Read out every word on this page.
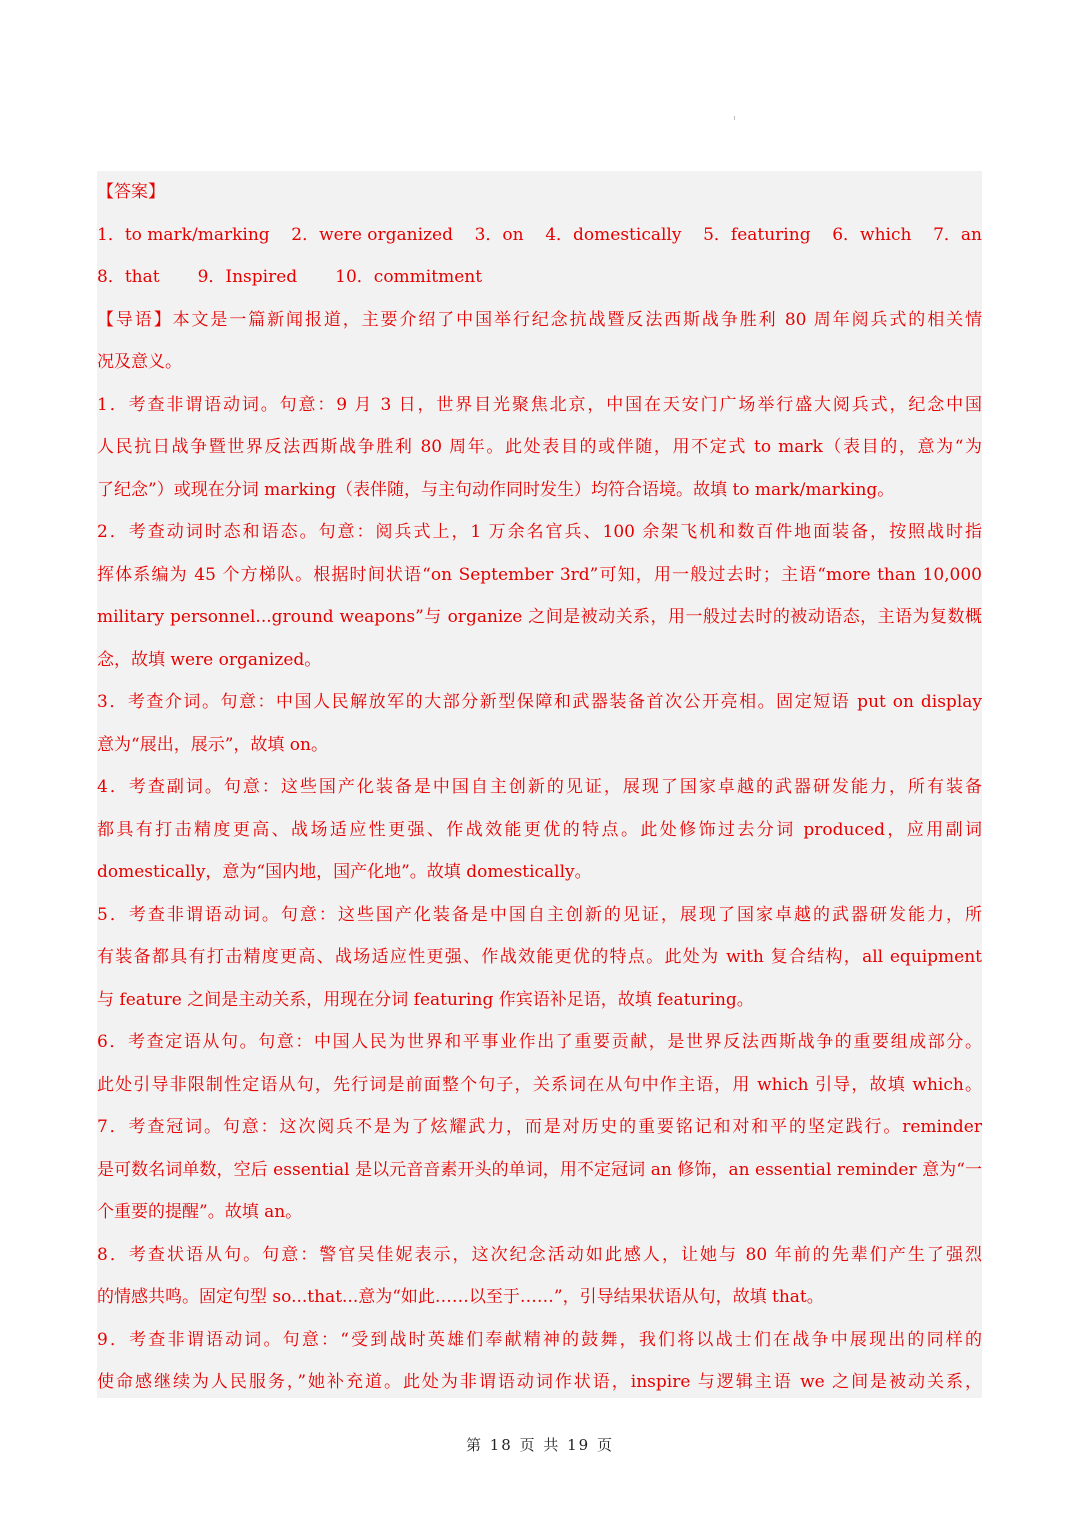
【答案】
1．to mark/marking 2．were organized 3．on 4．domestically 5．featuring 6．which 7．an
8．that 9．Inspired 10．commitment
【导语】本文是一篇新闻报道，主要介绍了中国举行纪念抗战暨反法西斯战争胜利 80 周年阅兵式的相关情
况及意义。
1．考查非谓语动词。句意：9 月 3 日，世界目光聚焦北京，中国在天安门广场举行盛大阅兵式，纪念中国
人民抗日战争暨世界反法西斯战争胜利 80 周年。此处表目的或伴随，用不定式 to mark（表目的，意为“为
了纪念”）或现在分词 marking（表伴随，与主句动作同时发生）均符合语境。故填 to mark/marking。
2．考查动词时态和语态。句意：阅兵式上，1 万余名官兵、100 余架飞机和数百件地面装备，按照战时指
挥体系编为 45 个方梯队。根据时间状语“on September 3rd”可知，用一般过去时；主语“more than 10,000
military personnel...ground weapons”与 organize 之间是被动关系，用一般过去时的被动语态，主语为复数概
念，故填 were organized。
3．考查介词。句意：中国人民解放军的大部分新型保障和武器装备首次公开亮相。固定短语 put on display
意为“展出，展示”，故填 on。
4．考查副词。句意：这些国产化装备是中国自主创新的见证，展现了国家卓越的武器研发能力，所有装备
都具有打击精度更高、战场适应性更强、作战效能更优的特点。此处修饰过去分词 produced，应用副词
domestically，意为“国内地，国产化地”。故填 domestically。
5．考查非谓语动词。句意：这些国产化装备是中国自主创新的见证，展现了国家卓越的武器研发能力，所
有装备都具有打击精度更高、战场适应性更强、作战效能更优的特点。此处为 with 复合结构，all equipment
与 feature 之间是主动关系，用现在分词 featuring 作宾语补足语，故填 featuring。
6．考查定语从句。句意：中国人民为世界和平事业作出了重要贡献，是世界反法西斯战争的重要组成部分。
此处引导非限制性定语从句，先行词是前面整个句子，关系词在从句中作主语，用 which 引导，故填 which。
7．考查冠词。句意：这次阅兵不是为了炫耀武力，而是对历史的重要铭记和对和平的坚定践行。reminder
是可数名词单数，空后 essential 是以元音音素开头的单词，用不定冠词 an 修饰，an essential reminder 意为“一
个重要的提醒”。故填 an。
8．考查状语从句。句意：警官吴佳妮表示，这次纪念活动如此感人，让她与 80 年前的先辈们产生了强烈
的情感共鸣。固定句型 so...that...意为“如此……以至于……”，引导结果状语从句，故填 that。
9．考查非谓语动词。句意：“受到战时英雄们奉献精神的鼓舞，我们将以战士们在战争中展现出的同样的
使命感继续为人民服务，”她补充道。此处为非谓语动词作状语，inspire 与逻辑主语 we 之间是被动关系，
第 18 页 共 19 页
